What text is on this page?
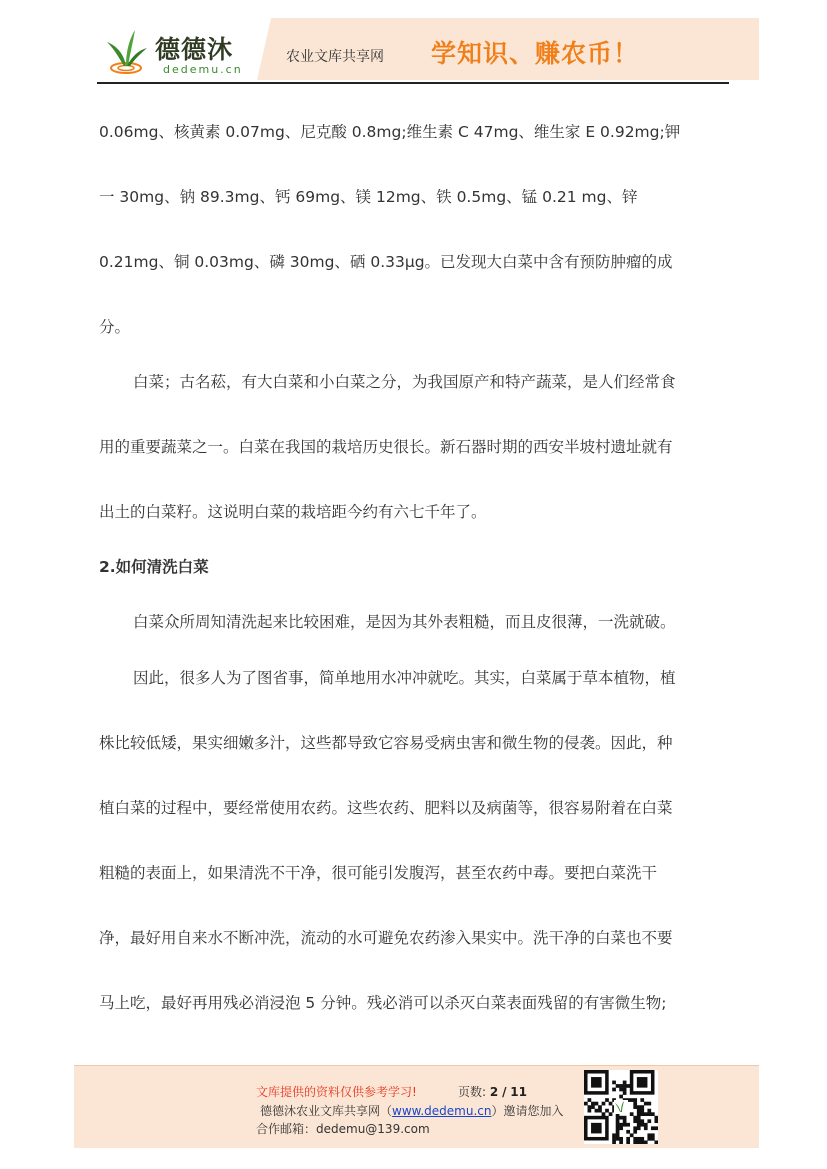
德德沐
dedemu.cn
农业文库共享网 学知识、赚农币！
0.06mg、核黄素 0.07mg、尼克酸 0.8mg;维生素 C 47mg、维生家 E 0.92mg;钾
一 30mg、钠 89.3mg、钙 69mg、镁 12mg、铁 0.5mg、锰 0.21 mg、锌
0.21mg、铜 0.03mg、磷 30mg、硒 0.33μg。已发现大白菜中含有预防肿瘤的成
分。
白菜；古名菘，有大白菜和小白菜之分，为我国原产和特产蔬菜，是人们经常食
用的重要蔬菜之一。白菜在我国的栽培历史很长。新石器时期的西安半坡村遗址就有
出土的白菜籽。这说明白菜的栽培距今约有六七千年了。
2.如何清洗白菜
白菜众所周知清洗起来比较困难，是因为其外表粗糙，而且皮很薄，一洗就破。
因此，很多人为了图省事，简单地用水冲冲就吃。其实，白菜属于草本植物，植
株比较低矮，果实细嫩多汁，这些都导致它容易受病虫害和微生物的侵袭。因此，种
植白菜的过程中，要经常使用农药。这些农药、肥料以及病菌等，很容易附着在白菜
粗糙的表面上，如果清洗不干净，很可能引发腹泻，甚至农药中毒。要把白菜洗干
净，最好用自来水不断冲洗，流动的水可避免农药渗入果实中。洗干净的白菜也不要
马上吃，最好再用残必消浸泡 5 分钟。残必消可以杀灭白菜表面残留的有害微生物;
文库提供的资料仅供参考学习!	页数: 2 / 11
德德沐农业文库共享网（www.dedemu.cn）邀请您加入
合作邮箱：dedemu@139.com
